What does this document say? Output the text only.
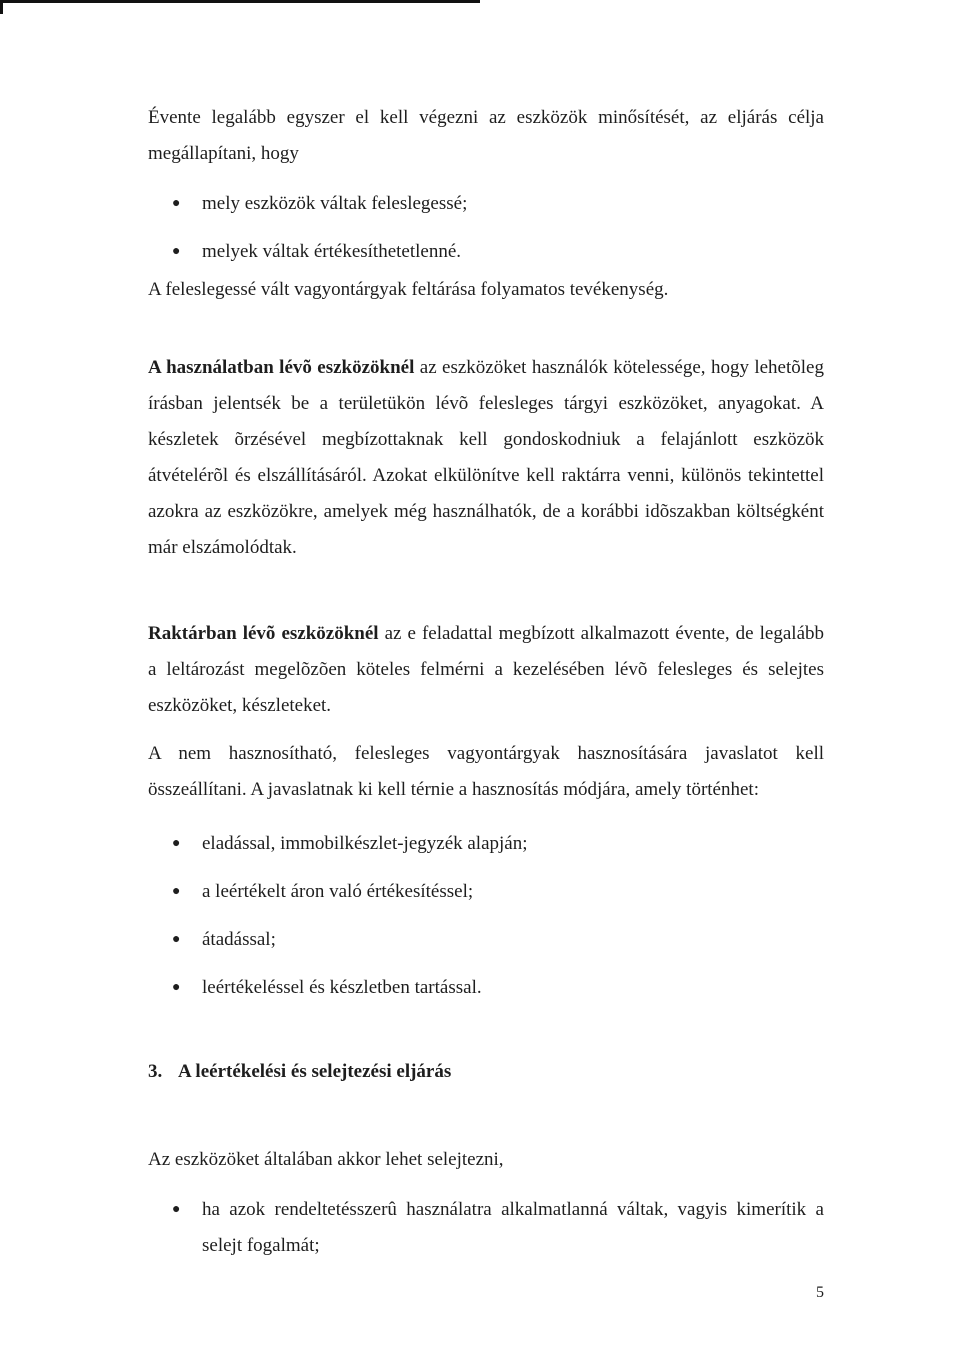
Évente legalább egyszer el kell végezni az eszközök minősítését, az eljárás célja megállapítani, hogy

● mely eszközök váltak feleslegessé;
● melyek váltak értékesíthetetlenné.

A feleslegessé vált vagyontárgyak feltárása folyamatos tevékenység.

A használatban lévõ eszközöknél az eszközöket használók kötelessége, hogy lehetõleg írásban jelentsék be a területükön lévõ felesleges tárgyi eszközöket, anyagokat. A készletek õrzésével megbízottaknak kell gondoskodniuk a felajánlott eszközök átvételérõl és elszállításáról. Azokat elkülönítve kell raktárra venni, különös tekintettel azokra az eszközökre, amelyek még használhatók, de a korábbi idõszakban költségként már elszámolódtak.

Raktárban lévõ eszközöknél az e feladattal megbízott alkalmazott évente, de legalább a leltározást megelõzõen köteles felmérni a kezelésében lévõ felesleges és selejtes eszközöket, készleteket.

A nem hasznosítható, felesleges vagyontárgyak hasznosítására javaslatot kell összeállítani. A javaslatnak ki kell térnie a hasznosítás módjára, amely történhet:

● eladással, immobilkészlet-jegyzék alapján;
● a leértékelt áron való értékesítéssel;
● átadással;
● leértékeléssel és készletben tartással.

3. A leértékelési és selejtezési eljárás

Az eszközöket általában akkor lehet selejtezni,

● ha azok rendeltetésszerû használatra alkalmatlanná váltak, vagyis kimerítik a selejt fogalmát;
5
